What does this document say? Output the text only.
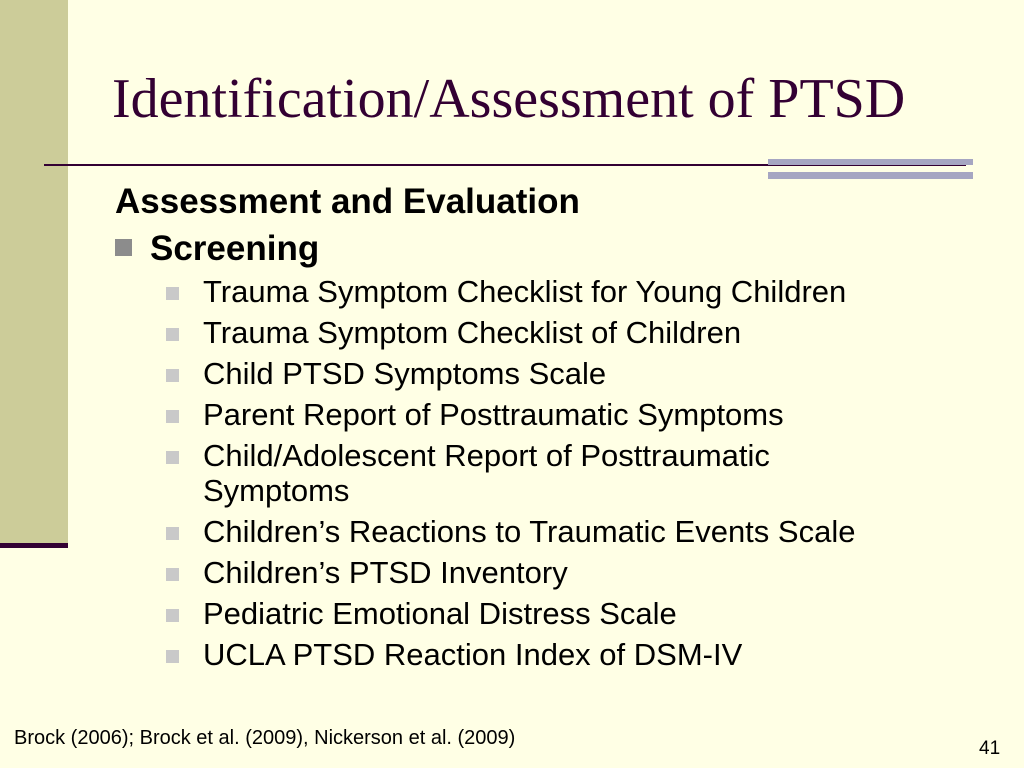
Identification/Assessment of PTSD
Assessment and Evaluation
Screening
Trauma Symptom Checklist for Young Children
Trauma Symptom Checklist of Children
Child PTSD Symptoms Scale
Parent Report of Posttraumatic Symptoms
Child/Adolescent Report of Posttraumatic Symptoms
Children’s Reactions to Traumatic Events Scale
Children’s PTSD Inventory
Pediatric Emotional Distress Scale
UCLA PTSD Reaction Index of DSM-IV
Brock (2006); Brock et al. (2009), Nickerson et al. (2009)	41
